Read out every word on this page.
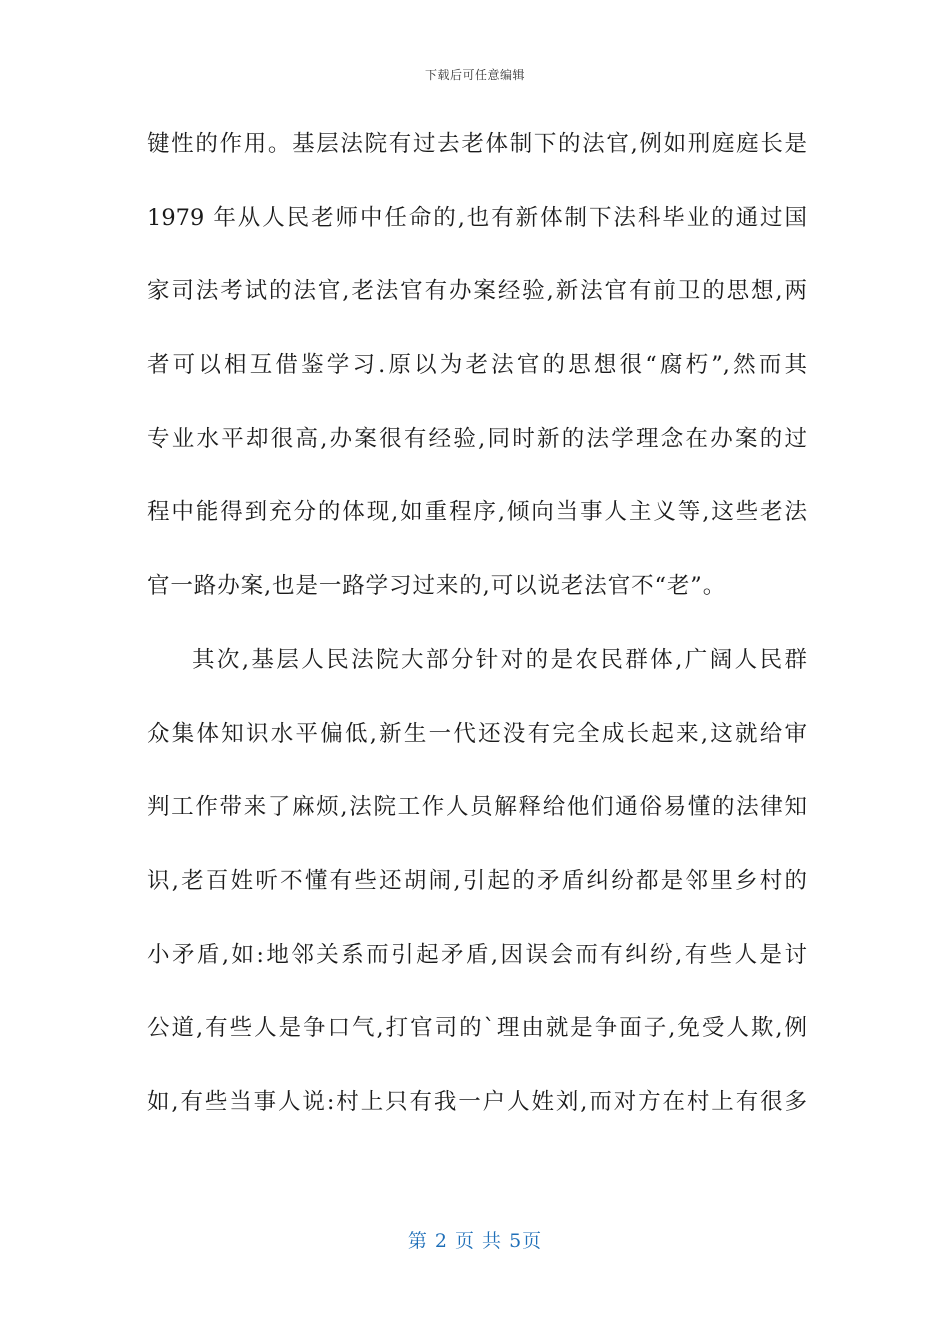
下载后可任意编辑
键性的作用。基层法院有过去老体制下的法官,例如刑庭庭长是
1979 年从人民老师中任命的,也有新体制下法科毕业的通过国
家司法考试的法官,老法官有办案经验,新法官有前卫的思想,两
者可以相互借鉴学习.原以为老法官的思想很“腐朽”,然而其
专业水平却很高,办案很有经验,同时新的法学理念在办案的过
程中能得到充分的体现,如重程序,倾向当事人主义等,这些老法
官一路办案,也是一路学习过来的,可以说老法官不“老”。
其次,基层人民法院大部分针对的是农民群体,广阔人民群
众集体知识水平偏低,新生一代还没有完全成长起来,这就给审
判工作带来了麻烦,法院工作人员解释给他们通俗易懂的法律知
识,老百姓听不懂有些还胡闹,引起的矛盾纠纷都是邻里乡村的
小矛盾,如:地邻关系而引起矛盾,因误会而有纠纷,有些人是讨
公道,有些人是争口气,打官司的`理由就是争面子,免受人欺,例
如,有些当事人说:村上只有我一户人姓刘,而对方在村上有很多
第 2 页 共 5页
